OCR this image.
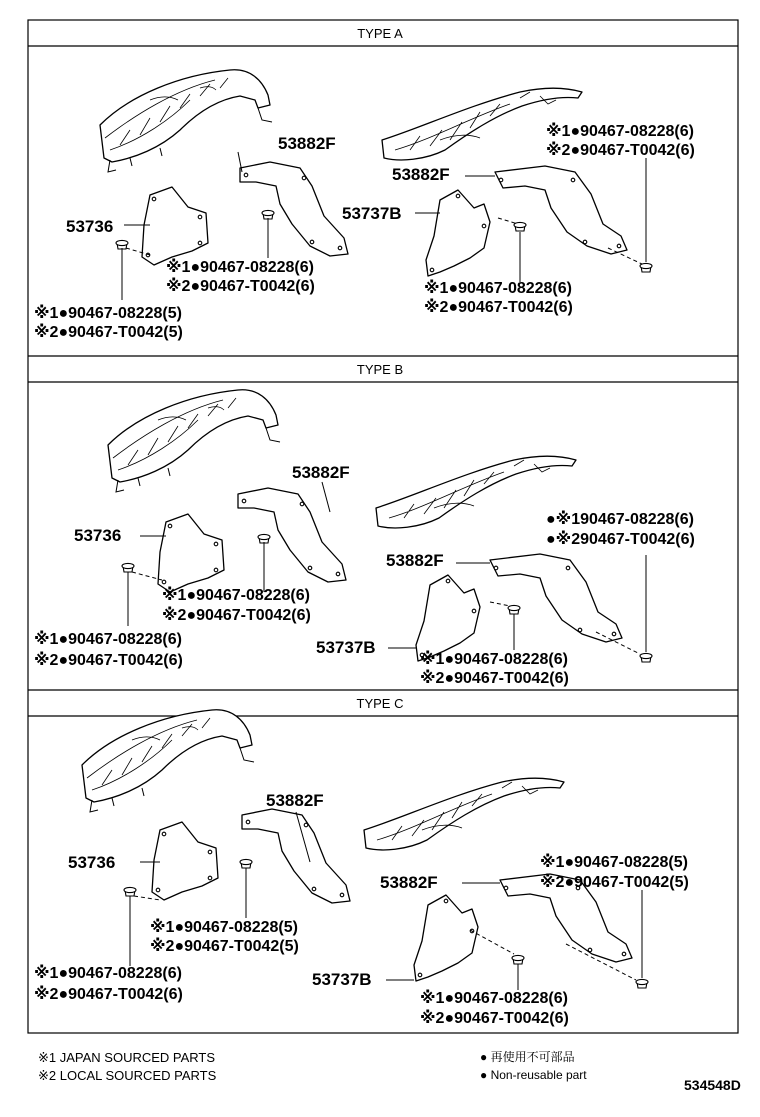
TYPE A
53882F
53736
53882F
53737B
※1●90467-08228(6)
※2●90467-T0042(6)
※1●90467-08228(6)
※2●90467-T0042(6)	※1●90467-08228(6)
※2●90467-T0042(6)
※1●90467-08228(5)
※2●90467-T0042(5)
TYPE B
53882F
53736
53882F
53737B
●※190467-08228(6)
●※290467-T0042(6)
※1●90467-08228(6)
※2●90467-T0042(6)
※1●90467-08228(6)
※2●90467-T0042(6)
※1●90467-08228(6)
※2●90467-T0042(6)
TYPE C
53882F
53736
53882F
53737B
※1●90467-08228(5)
※2●90467-T0042(5)
※1●90467-08228(5)
※2●90467-T0042(5)
※1●90467-08228(6)
※2●90467-T0042(6)
※1●90467-08228(6)
※2●90467-T0042(6)
※1 JAPAN SOURCED PARTS
※2 LOCAL SOURCED PARTS
● 再使用不可部品
● Non-reusable part
534548D
